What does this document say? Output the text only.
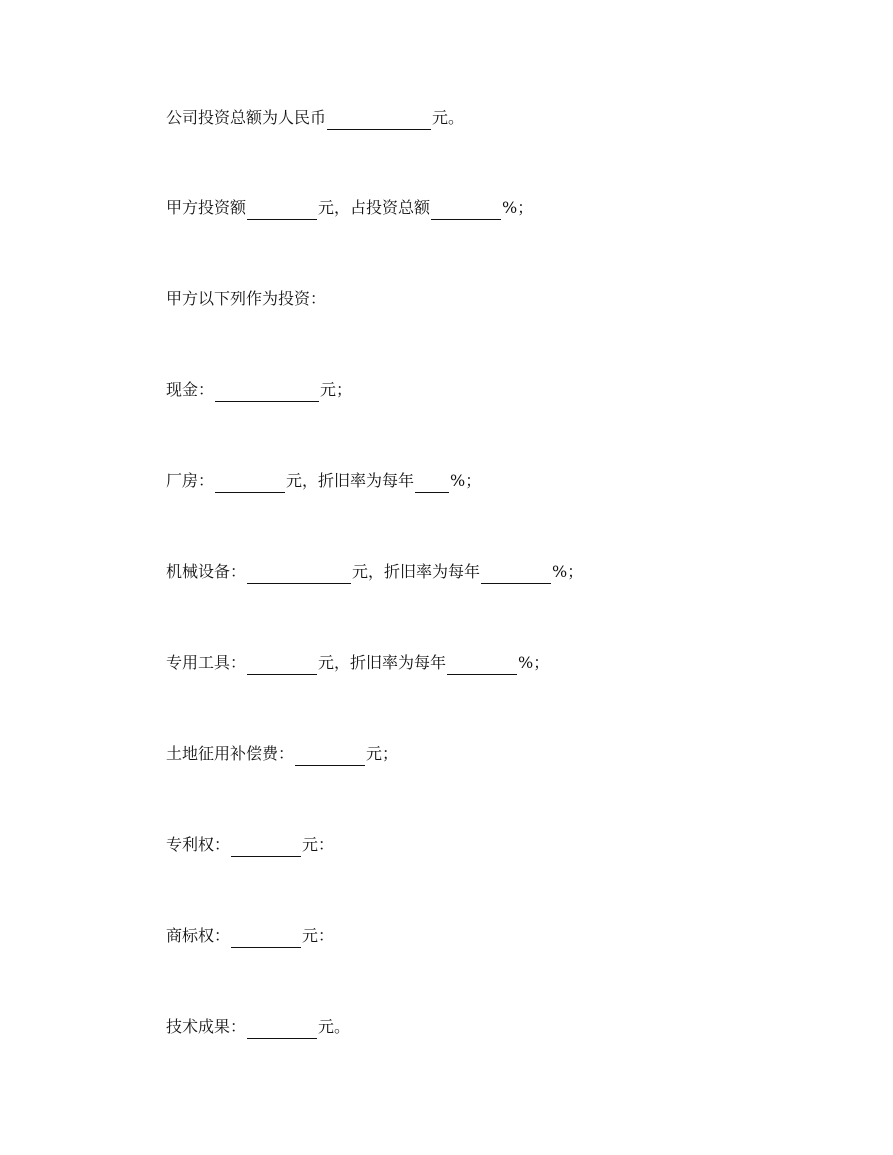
公司投资总额为人民币	元。
甲方投资额	元，占投资总额	%；
甲方以下列作为投资：
现金：	元；
厂房：	元，折旧率为每年 %；
机械设备：	元，折旧率为每年	%；
专用工具：	元，折旧率为每年	%；
土地征用补偿费：	元；
专利权：	元：
商标权：	元：
技术成果：	元。
